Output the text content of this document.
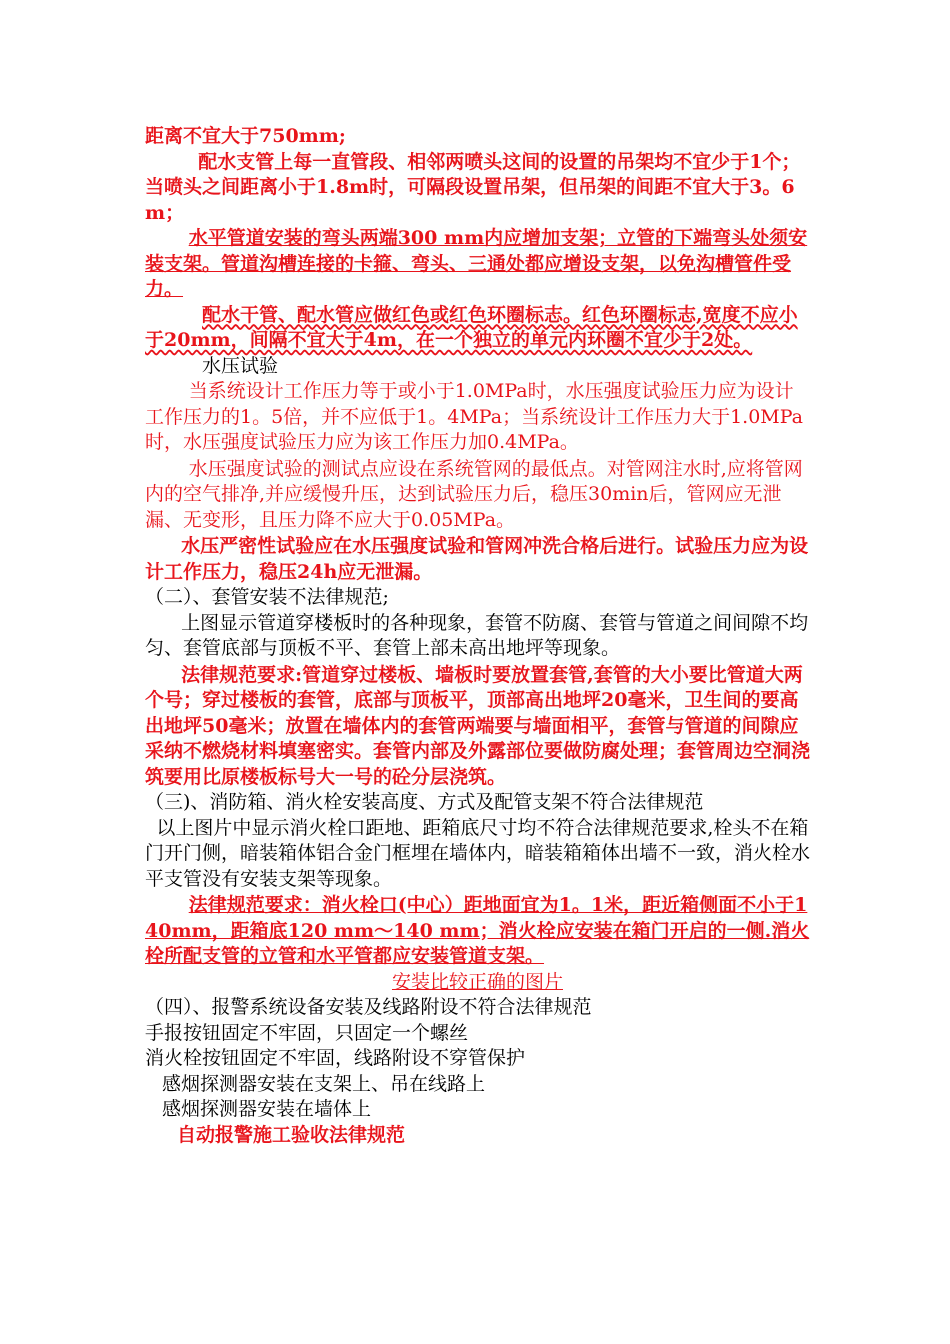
距离不宜大于750mm;

配水支管上每一直管段、相邻两喷头这间的设置的吊架均不宜少于1个；当喷头之间距离小于1.8m时，可隔段设置吊架，但吊架的间距不宜大于3。6m；

水平管道安装的弯头两端300 mm内应增加支架；立管的下端弯头处须安装支架。管道沟槽连接的卡箍、弯头、三通处都应增设支架，以免沟槽管件受力。

配水干管、配水管应做红色或红色环圈标志。红色环圈标志,宽度不应小于20mm，间隔不宜大于4m，在一个独立的单元内环圈不宜少于2处。

水压试验

当系统设计工作压力等于或小于1.0MPa时，水压强度试验压力应为设计工作压力的1。5倍，并不应低于1。4MPa；当系统设计工作压力大于1.0MPa时，水压强度试验压力应为该工作压力加0.4MPa。

水压强度试验的测试点应设在系统管网的最低点。对管网注水时,应将管网内的空气排净,并应缓慢升压，达到试验压力后，稳压30min后，管网应无泄漏、无变形，且压力降不应大于0.05MPa。

水压严密性试验应在水压强度试验和管网冲洗合格后进行。试验压力应为设计工作压力，稳压24h应无泄漏。

（二）、套管安装不法律规范;

上图显示管道穿楼板时的各种现象，套管不防腐、套管与管道之间间隙不均匀、套管底部与顶板不平、套管上部未高出地坪等现象。

法律规范要求:管道穿过楼板、墙板时要放置套管,套管的大小要比管道大两个号；穿过楼板的套管，底部与顶板平，顶部高出地坪20毫米，卫生间的要高出地坪50毫米；放置在墙体内的套管两端要与墙面相平，套管与管道的间隙应采纳不燃烧材料填塞密实。套管内部及外露部位要做防腐处理；套管周边空洞浇筑要用比原楼板标号大一号的砼分层浇筑。

（三)、消防箱、消火栓安装高度、方式及配管支架不符合法律规范

以上图片中显示消火栓口距地、距箱底尺寸均不符合法律规范要求,栓头不在箱门开门侧，暗装箱体铝合金门框埋在墙体内，暗装箱箱体出墙不一致，消火栓水平支管没有安装支架等现象。

法律规范要求：消火栓口(中心）距地面宜为1。1米，距近箱侧面不小于140mm，距箱底120 mm～140 mm；消火栓应安装在箱门开启的一侧.消火栓所配支管的立管和水平管都应安装管道支架。

安装比较正确的图片

（四）、报警系统设备安装及线路附设不符合法律规范

手报按钮固定不牢固，只固定一个螺丝

消火栓按钮固定不牢固，线路附设不穿管保护

感烟探测器安装在支架上、吊在线路上

感烟探测器安装在墙体上

自动报警施工验收法律规范
